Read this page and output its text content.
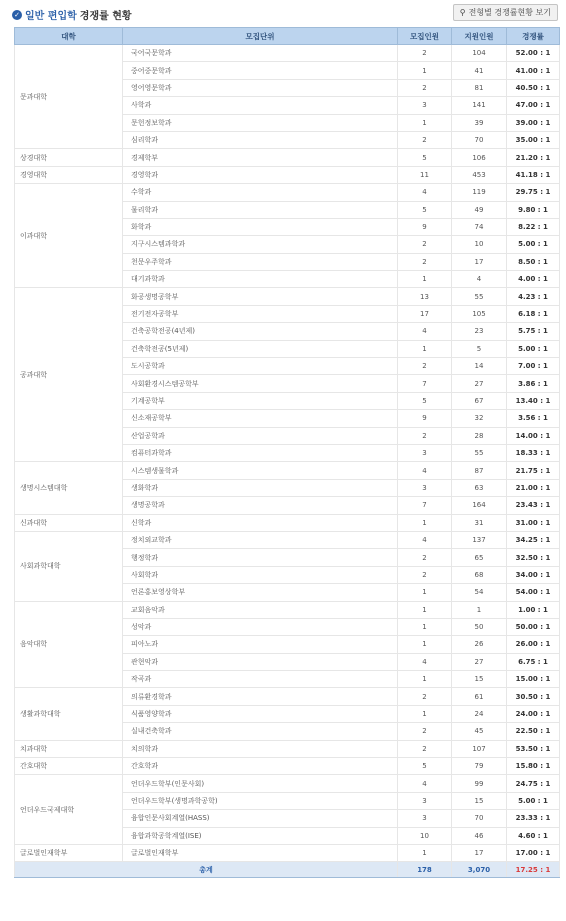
✓ 일반 편입학 경쟁률 현황	⚲ 전형별 경쟁률현황 보기
대학	모집단위	모집인원	지원인원	경쟁률
문과대학	국어국문학과	2	104	52.00 : 1
	중어중문학과	1	41	41.00 : 1
	영어영문학과	2	81	40.50 : 1
	사학과	3	141	47.00 : 1
	문헌정보학과	1	39	39.00 : 1
	심리학과	2	70	35.00 : 1
상경대학	경제학부	5	106	21.20 : 1
경영대학	경영학과	11	453	41.18 : 1
이과대학	수학과	4	119	29.75 : 1
	물리학과	5	49	9.80 : 1
	화학과	9	74	8.22 : 1
	지구시스템과학과	2	10	5.00 : 1
	천문우주학과	2	17	8.50 : 1
	대기과학과	1	4	4.00 : 1
공과대학	화공생명공학부	13	55	4.23 : 1
	전기전자공학부	17	105	6.18 : 1
	건축공학전공(4년제)	4	23	5.75 : 1
	건축학전공(5년제)	1	5	5.00 : 1
	도시공학과	2	14	7.00 : 1
	사회환경시스템공학부	7	27	3.86 : 1
	기계공학부	5	67	13.40 : 1
	신소재공학부	9	32	3.56 : 1
	산업공학과	2	28	14.00 : 1
	컴퓨터과학과	3	55	18.33 : 1
생명시스템대학	시스템생물학과	4	87	21.75 : 1
	생화학과	3	63	21.00 : 1
	생명공학과	7	164	23.43 : 1
신과대학	신학과	1	31	31.00 : 1
사회과학대학	정치외교학과	4	137	34.25 : 1
	행정학과	2	65	32.50 : 1
	사회학과	2	68	34.00 : 1
	언론홍보영상학부	1	54	54.00 : 1
음악대학	교회음악과	1	1	1.00 : 1
	성악과	1	50	50.00 : 1
	피아노과	1	26	26.00 : 1
	관현악과	4	27	6.75 : 1
	작곡과	1	15	15.00 : 1
생활과학대학	의류환경학과	2	61	30.50 : 1
	식품영양학과	1	24	24.00 : 1
	실내건축학과	2	45	22.50 : 1
치과대학	치의학과	2	107	53.50 : 1
간호대학	간호학과	5	79	15.80 : 1
언더우드국제대학	언더우드학부(인문사회)	4	99	24.75 : 1
	언더우드학부(생명과학공학)	3	15	5.00 : 1
	융합인문사회계열(HASS)	3	70	23.33 : 1
	융합과학공학계열(ISE)	10	46	4.60 : 1
글로벌인재학부	글로벌인재학부	1	17	17.00 : 1
총계		178	3,070	17.25 : 1
